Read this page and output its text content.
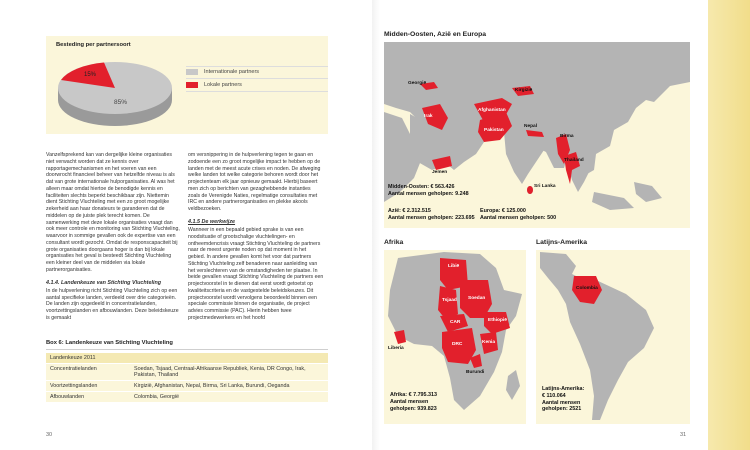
Besteding per partnersoort
15%
85%
Internationale partners
Lokale partners

Vanzelfsprekend kan van dergelijke kleine organisaties niet verwacht worden dat ze kennis over rapportagemechanismen en het voeren van een doorwrocht financieel beheer van hetzelfde niveau is als dat van grote internationale hulporganisaties. Al was het alleen maar omdat hiertoe de benodigde kennis en faciliteiten slechts beperkt beschikbaar zijn. Niettemin dient Stichting Vluchteling met een zo groot mogelijke zekerheid aan haar donateurs te garanderen dat de middelen op de juiste plek terecht komen. De samenwerking met deze lokale organisaties vraagt dan ook meer controle en monitoring van Stichting Vluchteling, waarvoor in sommige gevallen ook de expertise van een consultant wordt gezocht. Omdat de responscapaciteit bij grote organisaties doorgaans hoger is dan bij lokale organisaties het geval is besteedt Stichting Vluchteling een kleiner deel van de middelen via lokale partnerorganisaties.

4.1.4. Landenkeuze van Stichting Vluchteling

In de hulpverlening richt Stichting Vluchteling zich op een aantal specifieke landen, verdeeld over drie categorieën. De landen zijn opgedeeld in concentratielanden, voortzettingslanden en afbouwlanden. Deze beleidskeuze is gemaakt

om versnippering in de hulpverlening tegen te gaan en zodoende een zo groot mogelijke impact te hebben op de landen met de meest acute crises en noden. De afweging welke landen tot welke categorie behoren wordt door het projectenteam elk jaar opnieuw gemaakt. Hierbij baseert men zich op berichten van gezaghebbende instanties zoals de Verenigde Naties, regelmatige consultaties met IRC en andere partnerorganisaties en plekke akools veldbezoeken.

4.1.5 De werkwijze

Wanneer in een bepaald gebied sprake is van een noodsituatie of grootschalige vluchtelingen- en ontheemdencrisis vraagt Stichting Vluchteling de partners naar de meest urgente noden op dat moment in het gebied. In andere gevallen komt het voor dat partners Stichting Vluchteling zelf benaderen naar aanleiding van het verslechteren van de omstandigheden ter plaatse. In beide gevallen vraagt Stichting Vluchteling de partners een projectvoorstel in te dienen dat eerst wordt getoetst op kwaliteitscriteria en de vastgestelde beleidskeuzes. Dit projectvoorstel wordt vervolgens beoordeeld binnen een speciale commissie binnen de organisatie, de project advies commissie (PAC). Hierin hebben twee projectmedewerkers en het hoofd

Box 6: Landenkeuze van Stichting Vluchteling
Landenkeuze 2011	
Concentratielanden	Soedan, Tsjaad, Centraal-Afrikaanse Republiek, Kenia, DR Congo, Irak, Pakistan, Thailand
Voortzettingslanden	Kirgizië, Afghanistan, Nepal, Birma, Sri Lanka, Burundi, Oeganda
Afbouwlanden	Colombia, Georgië
30
Midden-Oosten, Azië en Europa
Georgië
Kirgizië
Irak
Afghanistan
Pakistan
Nepal
Birma
Thailand
Jemen
Sri Lanka
Midden-Oosten: € 563.426
Aantal mensen geholpen: 9.248
Azië: € 2.312.515
Aantal mensen geholpen: 223.695
Europa: € 125.000
Aantal mensen geholpen: 500
Afrika
Libië
Tsjaad Soedan
CAR	Ethiopië
Liberia
DRC	Kenia
Burundi
Afrika: € 7.795.313
Aantal mensen
geholpen: 939.823
Latijns-Amerika
Colombia
Latijns-Amerika:
€ 110.064
Aantal mensen
geholpen: 2521
31
